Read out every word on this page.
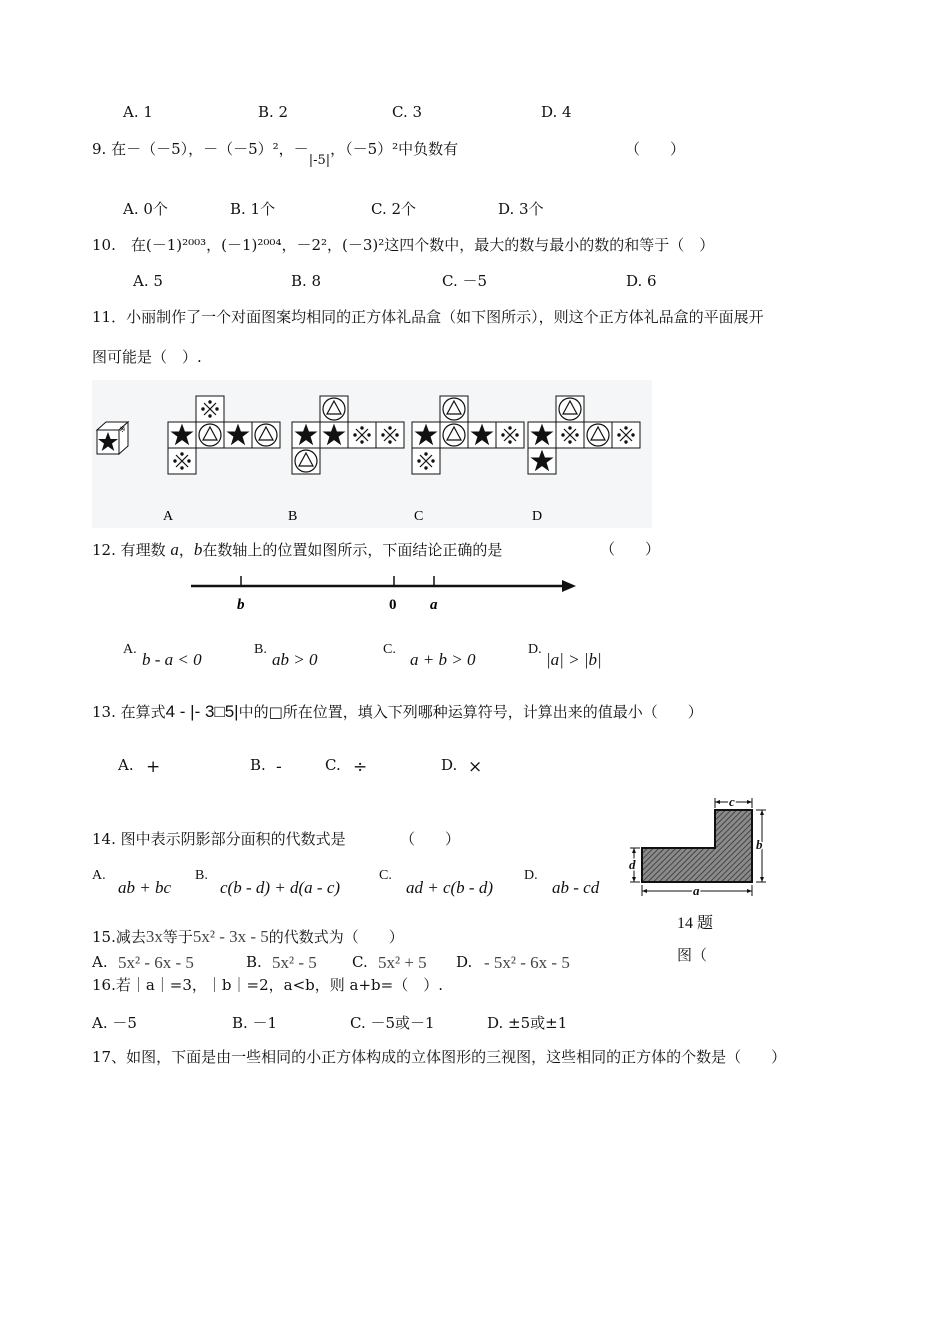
A. 1	B. 2	C. 3	D. 4
9. 在－（－5），－（－5）²，－|-5|，（－5）²中负数有	（　　）
A. 0个	B. 1个	C. 2个	D. 3个
10.　在(－1)²⁰⁰³，(－1)²⁰⁰⁴，－2²，(－3)²这四个数中，最大的数与最小的数的和等于（　）
A. 5	B. 8	C. －5	D. 6
11．小丽制作了一个对面图案均相同的正方体礼品盒（如下图所示），则这个正方体礼品盒的平面展开
图可能是（　）.
※
A	B	C	D
12. 有理数 a，b在数轴上的位置如图所示，下面结论正确的是	（　　）
b	0 a
A.
b - a < 0
B.
ab > 0
C.
a + b > 0
D.
|a| > |b|
13. 在算式4 - |- 3□5|中的□所在位置，填入下列哪种运算符号，计算出来的值最小（　　）
A. +	B. -	C. ÷	D. ×
14. 图中表示阴影部分面积的代数式是	（　　）
A.
ab + bc
B.
c(b - d) + d(a - c)
C.
ad + c(b - d)
D.
ab - cd
c
b
d
a
14 题
图（
15.减去3x等于5x² - 3x - 5的代数式为（　　）
A. 5x² - 6x - 5	B. 5x² - 5 C. 5x² + 5 D. - 5x² - 6x - 5
16.若｜a｜=3，｜b｜=2，a<b，则 a+b=（　）.
A. －5	B. －1	C. －5或－1	D. ±5或±1
17、如图，下面是由一些相同的小正方体构成的立体图形的三视图，这些相同的正方体的个数是（　　）
